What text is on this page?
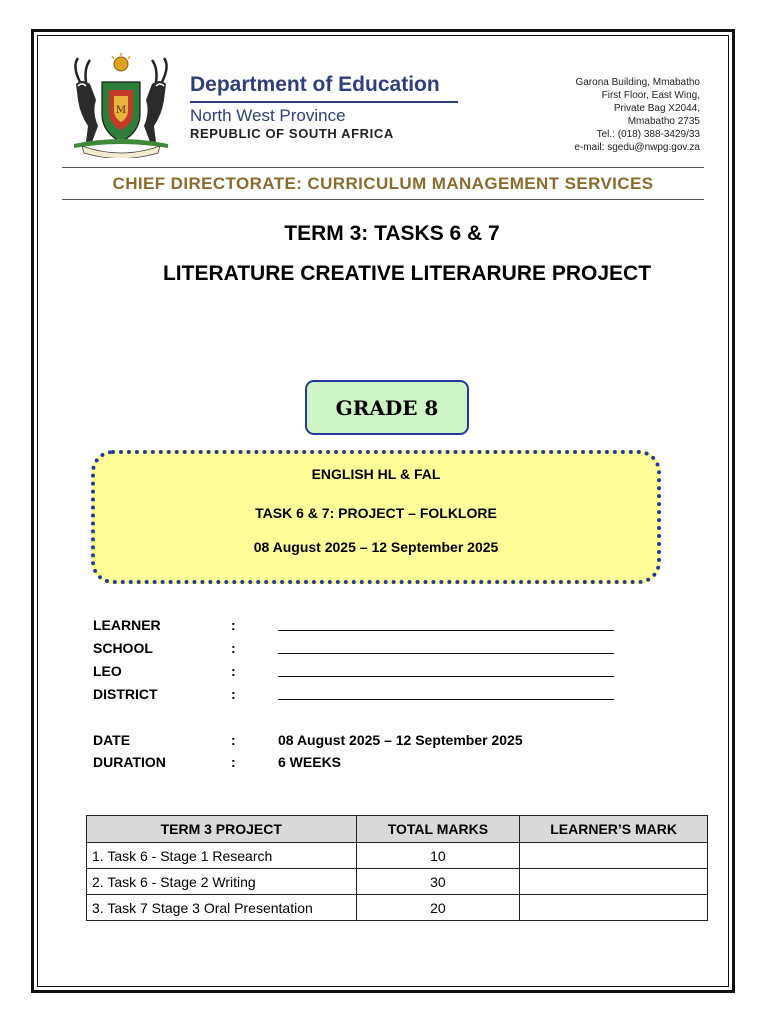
M
Department of Education
North West Province
REPUBLIC OF SOUTH AFRICA
Garona Building, Mmabatho
First Floor, East Wing,
Private Bag X2044,
Mmabatho 2735
Tel.: (018) 388-3429/33
e-mail: sgedu@nwpg.gov.za
CHIEF DIRECTORATE: CURRICULUM MANAGEMENT SERVICES
TERM 3: TASKS 6 & 7
LITERATURE CREATIVE LITERARURE PROJECT
GRADE 8
ENGLISH HL & FAL
TASK 6 & 7: PROJECT – FOLKLORE
08 August 2025 – 12 September 2025
LEARNER	:
SCHOOL	:
LEO	:
DISTRICT	:
DATE	:	08 August 2025 – 12 September 2025
DURATION	:	6 WEEKS
TERM 3 PROJECT	TOTAL MARKS	LEARNER’S MARK
1. Task 6 - Stage 1 Research	10	
2. Task 6 - Stage 2 Writing	30	
3. Task 7 Stage 3 Oral Presentation	20	
